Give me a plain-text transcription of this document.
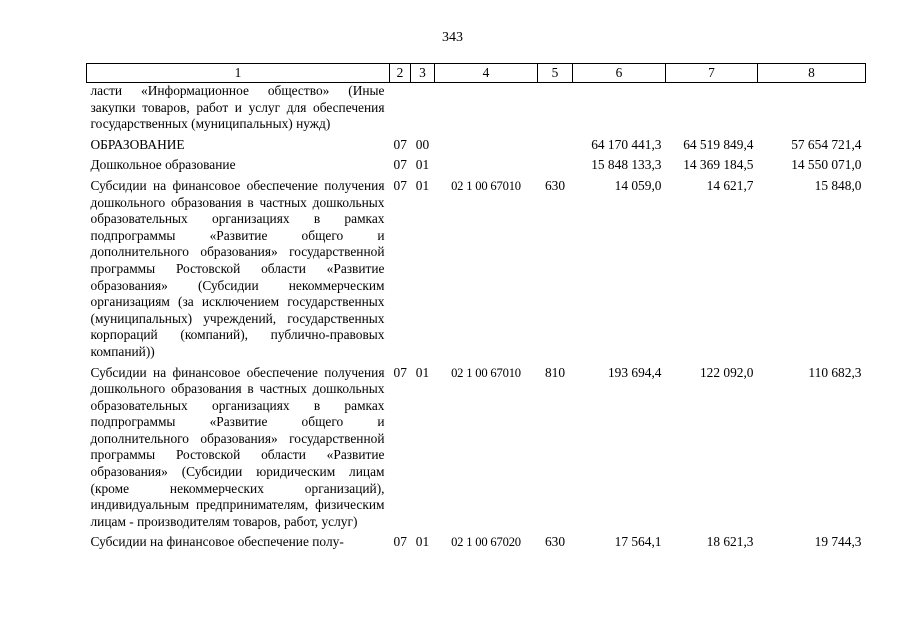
343
1	2	3	4	5	6	7	8
ласти «Информационное общество» (Иные закупки товаров, работ и услуг для обеспечения государственных (муниципальных) нужд)							

ОБРАЗОВАНИЕ	07	00			64 170 441,3	64 519 849,4	57 654 721,4

Дошкольное образование	07	01			15 848 133,3	14 369 184,5	14 550 071,0

Субсидии на финансовое обеспечение получения дошкольного образования в частных дошкольных образовательных организациях в рамках подпрограммы «Развитие общего и дополнительного образования» государственной программы Ростовской области «Развитие образования» (Субсидии некоммерческим организациям (за исключением государственных (муниципальных) учреждений, государственных корпораций (компаний), публично-правовых компаний))	07	01	02 1 00 67010	630	14 059,0	14 621,7	15 848,0

Субсидии на финансовое обеспечение получения дошкольного образования в частных дошкольных образовательных организациях в рамках подпрограммы «Развитие общего и дополнительного образования» государственной программы Ростовской области «Развитие образования» (Субсидии юридическим лицам (кроме некоммерческих организаций), индивидуальным предпринимателям, физическим лицам - производителям товаров, работ, услуг)	07	01	02 1 00 67010	810	193 694,4	122 092,0	110 682,3

Субсидии на финансовое обеспечение полу-	07	01	02 1 00 67020	630	17 564,1	18 621,3	19 744,3
